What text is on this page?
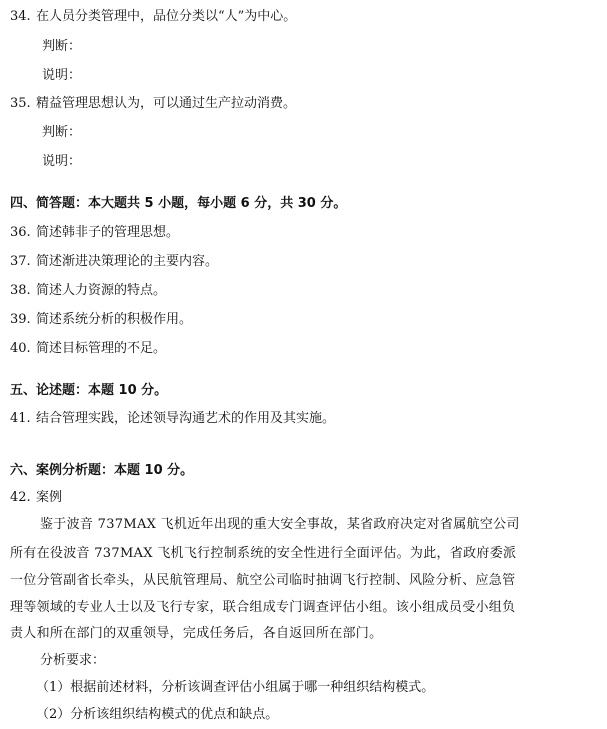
34. 在人员分类管理中，品位分类以“人”为中心。
判断：
说明：
35. 精益管理思想认为，可以通过生产拉动消费。
判断：
说明：
四、简答题：本大题共 5 小题，每小题 6 分，共 30 分。
36. 简述韩非子的管理思想。
37. 简述渐进决策理论的主要内容。
38. 简述人力资源的特点。
39. 简述系统分析的积极作用。
40. 简述目标管理的不足。
五、论述题：本题 10 分。
41. 结合管理实践，论述领导沟通艺术的作用及其实施。
六、案例分析题：本题 10 分。
42. 案例
鉴于波音 737MAX 飞机近年出现的重大安全事故，某省政府决定对省属航空公司
所有在役波音 737MAX 飞机飞行控制系统的安全性进行全面评估。为此，省政府委派
一位分管副省长牵头，从民航管理局、航空公司临时抽调飞行控制、风险分析、应急管
理等领域的专业人士以及飞行专家，联合组成专门调查评估小组。该小组成员受小组负
责人和所在部门的双重领导，完成任务后，各自返回所在部门。
分析要求：
（1）根据前述材料，分析该调查评估小组属于哪一种组织结构模式。
（2）分析该组织结构模式的优点和缺点。
